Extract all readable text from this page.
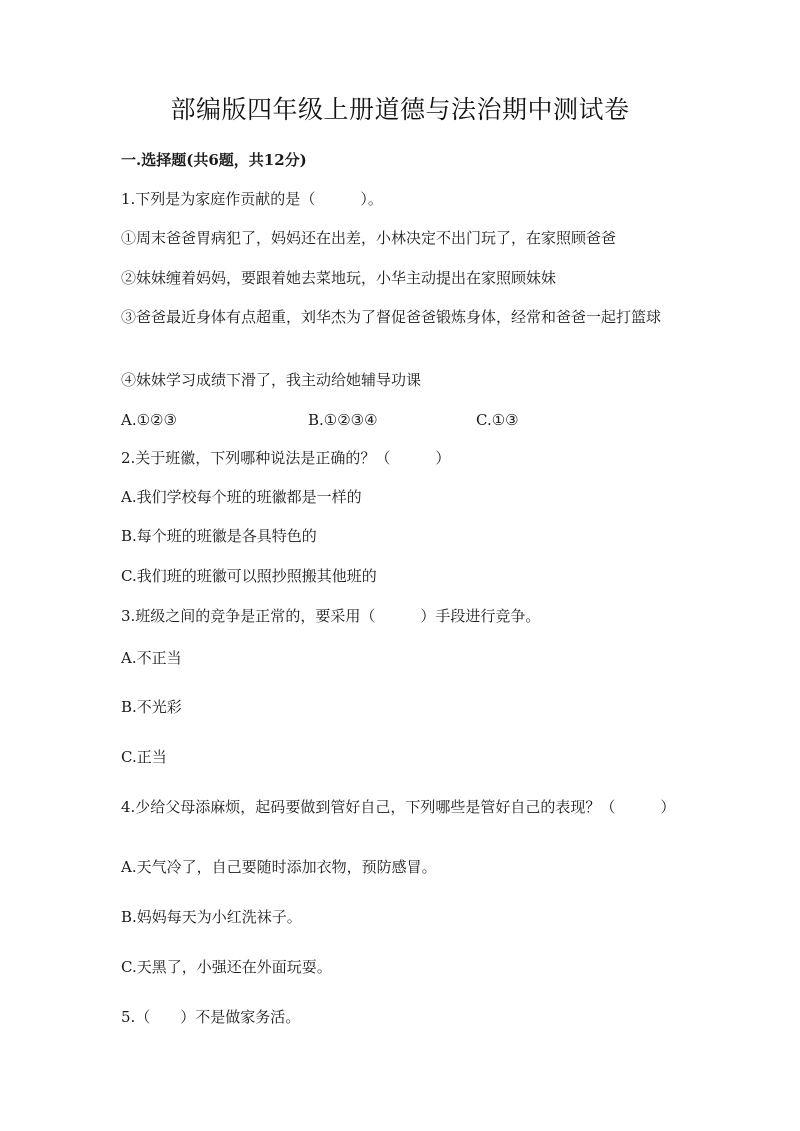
部编版四年级上册道德与法治期中测试卷
一.选择题(共6题，共12分)
1.下列是为家庭作贡献的是（　　　）。
①周末爸爸胃病犯了，妈妈还在出差，小林决定不出门玩了，在家照顾爸爸
②妹妹缠着妈妈，要跟着她去菜地玩，小华主动提出在家照顾妹妹
③爸爸最近身体有点超重，刘华杰为了督促爸爸锻炼身体，经常和爸爸一起打篮球
④妹妹学习成绩下滑了，我主动给她辅导功课
A.①②③	B.①②③④	C.①③
2.关于班徽，下列哪种说法是正确的？（　　　）
A.我们学校每个班的班徽都是一样的
B.每个班的班徽是各具特色的
C.我们班的班徽可以照抄照搬其他班的
3.班级之间的竞争是正常的，要采用（　　　）手段进行竞争。
A.不正当
B.不光彩
C.正当
4.少给父母添麻烦，起码要做到管好自己，下列哪些是管好自己的表现？（　　　）
A.天气冷了，自己要随时添加衣物，预防感冒。
B.妈妈每天为小红洗袜子。
C.天黑了，小强还在外面玩耍。
5.（　　）不是做家务活。
